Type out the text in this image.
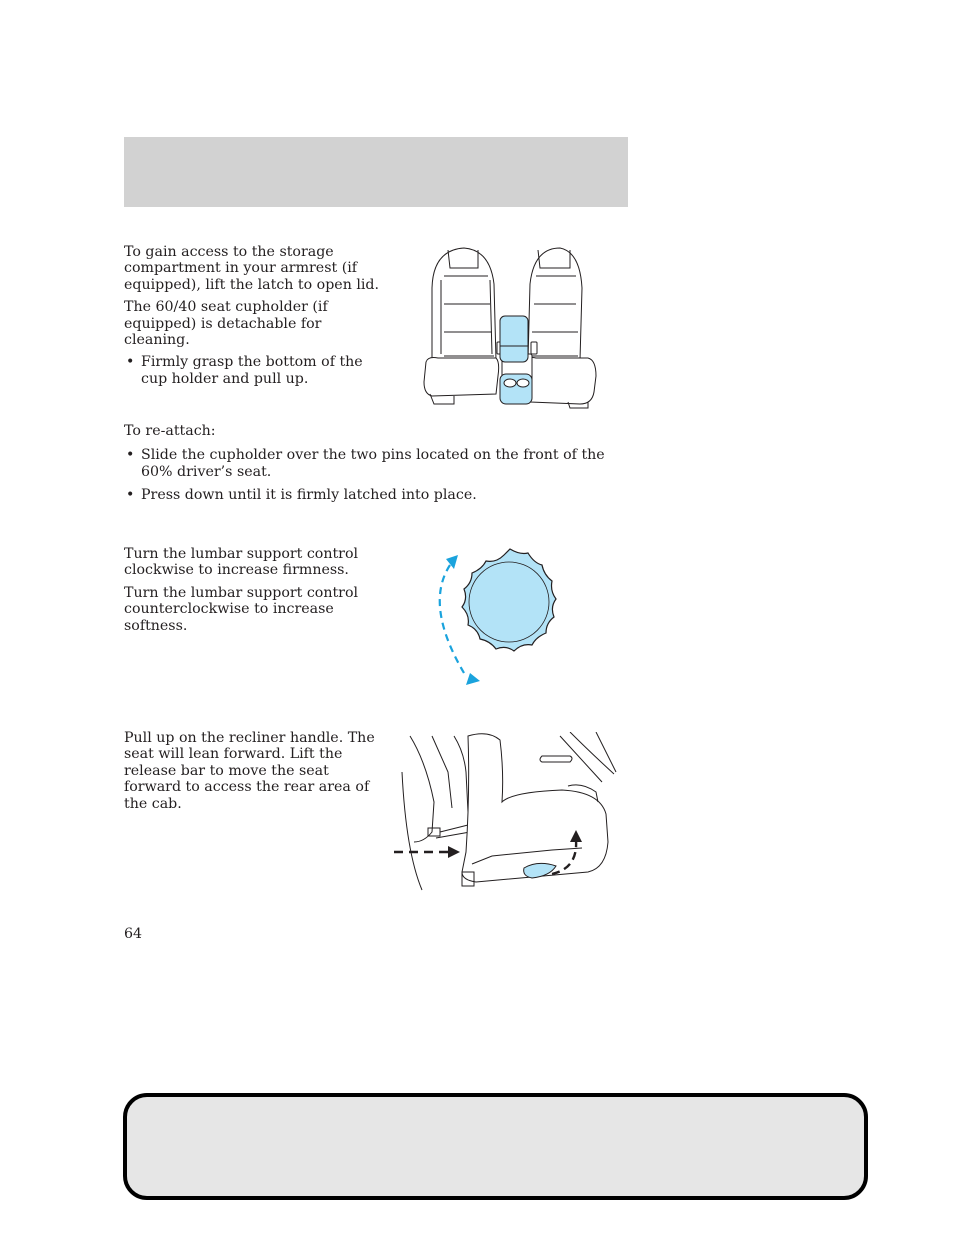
To gain access to the storage compartment in your armrest (if equipped), lift the latch to open lid.

The 60/40 seat cupholder (if equipped) is detachable for cleaning.

• Firmly grasp the bottom of the cup holder and pull up.

To re-attach:

• Slide the cupholder over the two pins located on the front of the 60% driver’s seat.
• Press down until it is firmly latched into place.

Turn the lumbar support control clockwise to increase firmness.

Turn the lumbar support control counterclockwise to increase softness.

Pull up on the recliner handle. The seat will lean forward. Lift the release bar to move the seat forward to access the rear area of the cab.

64
